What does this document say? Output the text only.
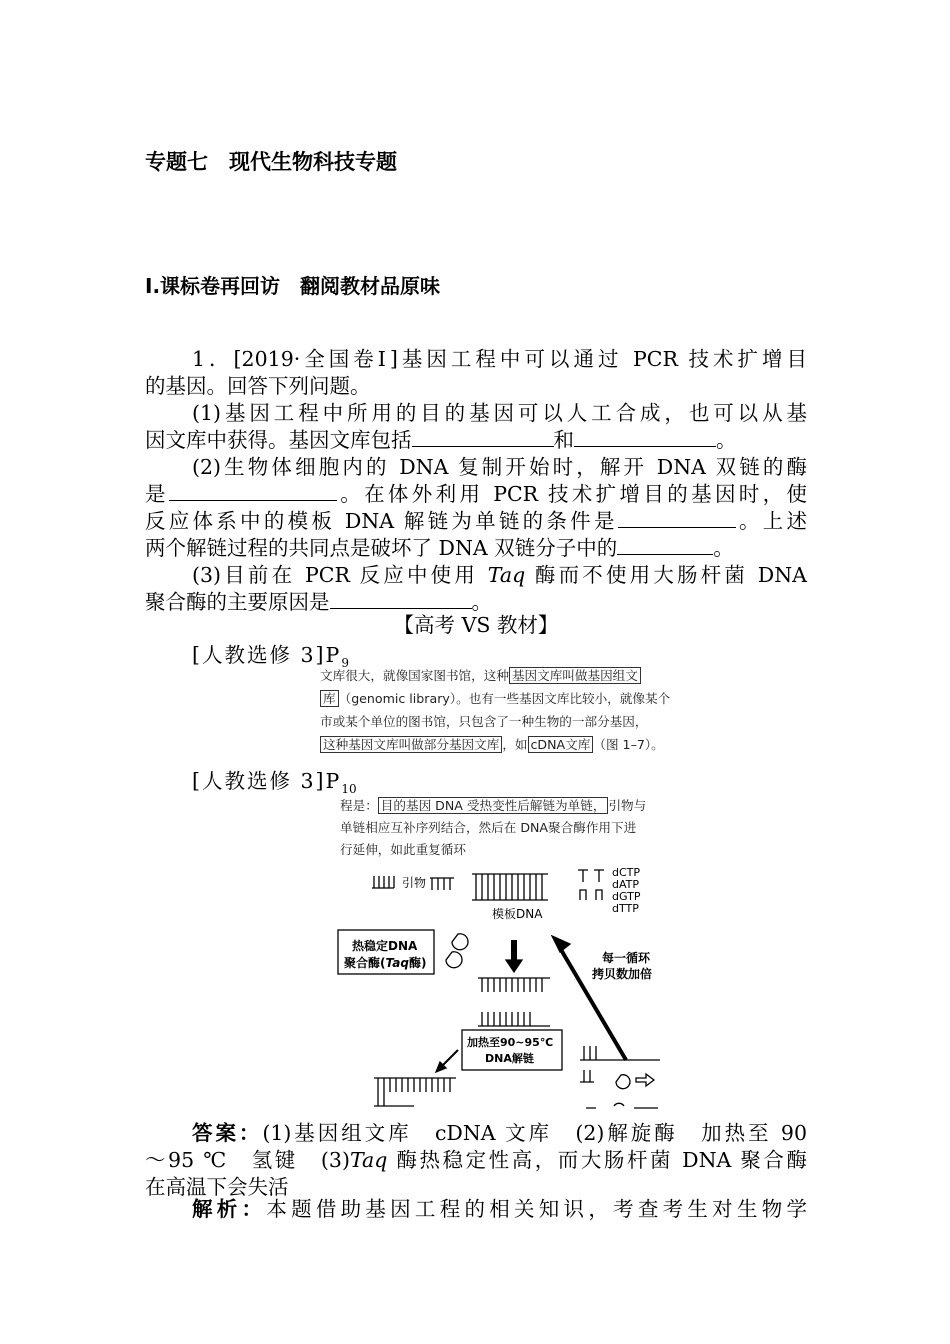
专题七　现代生物科技专题
Ⅰ.课标卷再回访　翻阅教材品原味
1．[2019·全国卷Ⅰ]基因工程中可以通过 PCR 技术扩增目
的基因。回答下列问题。
(1)基因工程中所用的目的基因可以人工合成，也可以从基
因文库中获得。基因文库包括	和	。
(2)生物体细胞内的 DNA 复制开始时，解开 DNA 双链的酶
是	。在体外利用 PCR 技术扩增目的基因时，使
反应体系中的模板 DNA 解链为单链的条件是	。上述
两个解链过程的共同点是破坏了 DNA 双链分子中的	。
(3)目前在 PCR 反应中使用 Taq 酶而不使用大肠杆菌 DNA
聚合酶的主要原因是	。
【高考 VS 教材】
[人教选修 $3]P_9$
文库很大，就像国家图书馆，这种 基因文库叫做基因组文
库 （genomic library）。也有一些基因文库比较小，就像某个
市或某个单位的图书馆，只包含了一种生物的一部分基因，
这种基因文库叫做部分基因文库 ，如 cDNA文库 （图 1–7）。
[人教选修 $3]P_{10}$
程是： 目的基因 DNA 受热变性后解链为单链， 引物与
单链相应互补序列结合，然后在 DNA聚合酶作用下进
行延伸，如此重复循环
引物
模板DNA
dCTP
dATP
dGTP
dTTP
热稳定DNA
聚合酶(Taq酶)	每一循环
拷贝数加倍
加热至90~95℃
DNA解链
答案：(1)基因组文库　cDNA 文库　(2)解旋酶　加热至 90
～95 ℃　氢键　(3)Taq 酶热稳定性高，而大肠杆菌 DNA 聚合酶
在高温下会失活
解析：本题借助基因工程的相关知识，考查考生对生物学
